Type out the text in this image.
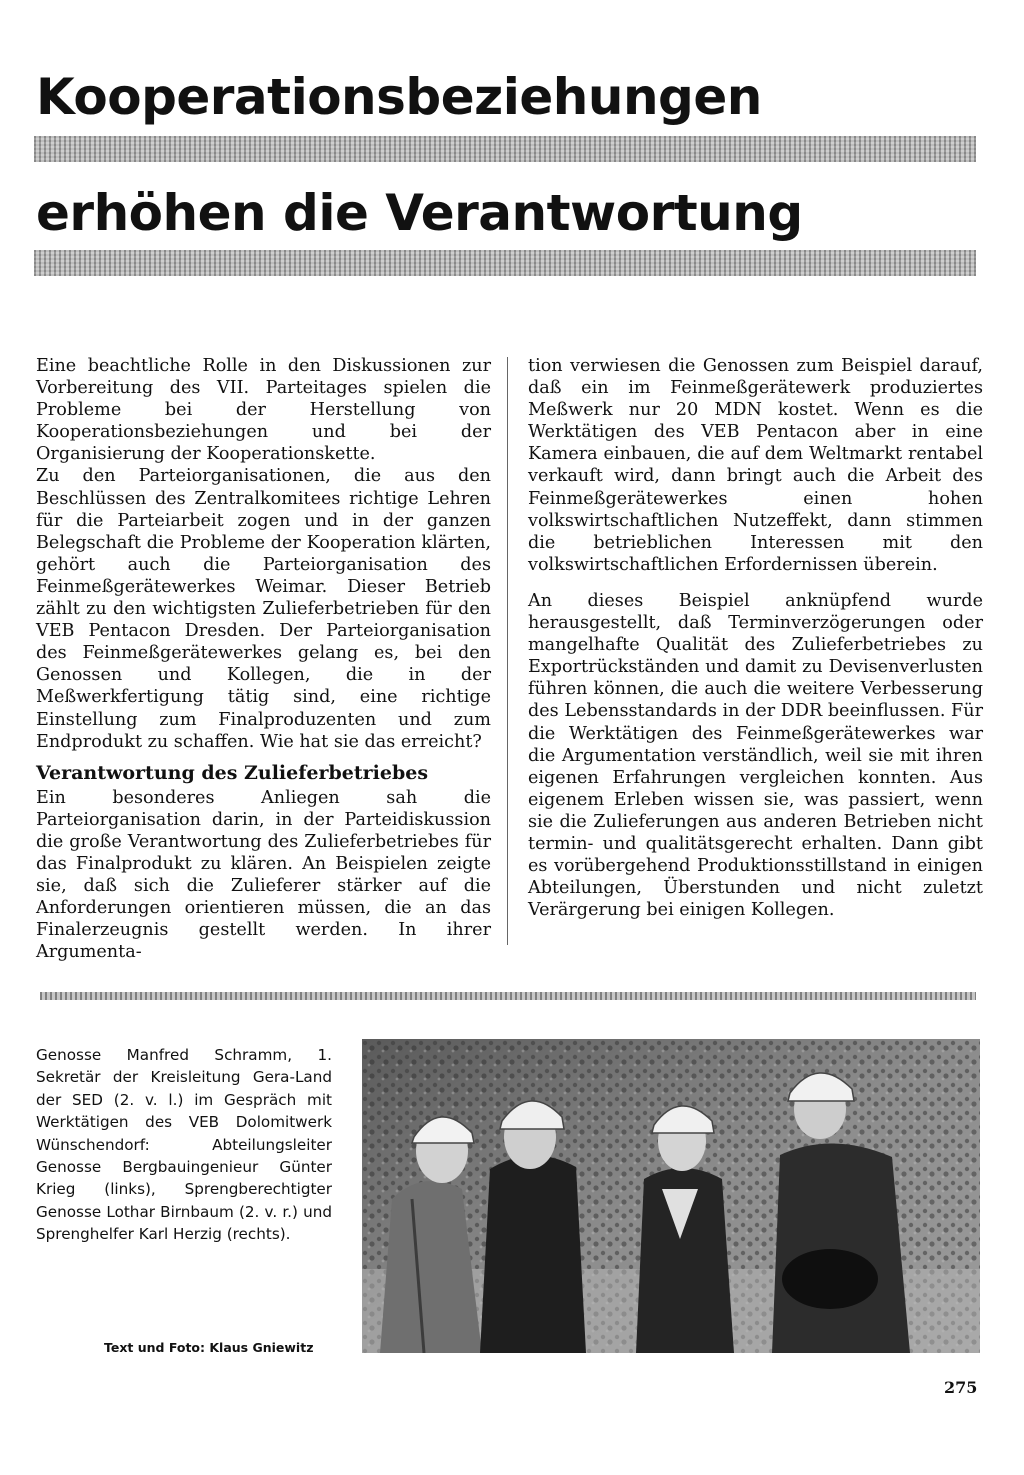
Kooperationsbeziehungen
erhöhen die Verantwortung

Eine beachtliche Rolle in den Diskussionen zur Vorbereitung des VII. Parteitages spielen die Probleme bei der Herstellung von Kooperationsbeziehungen und bei der Organisierung der Kooperationskette.

Zu den Parteiorganisationen, die aus den Beschlüssen des Zentralkomitees richtige Lehren für die Parteiarbeit zogen und in der ganzen Belegschaft die Probleme der Kooperation klärten, gehört auch die Parteiorganisation des Feinmeßgerätewerkes Weimar. Dieser Betrieb zählt zu den wichtigsten Zulieferbetrieben für den VEB Pentacon Dresden. Der Parteiorganisation des Feinmeßgerätewerkes gelang es, bei den Genossen und Kollegen, die in der Meßwerkfertigung tätig sind, eine richtige Einstellung zum Finalproduzenten und zum Endprodukt zu schaffen. Wie hat sie das erreicht?

Verantwortung des Zulieferbetriebes

Ein besonderes Anliegen sah die Parteiorganisation darin, in der Parteidiskussion die große Verantwortung des Zulieferbetriebes für das Finalprodukt zu klären. An Beispielen zeigte sie, daß sich die Zulieferer stärker auf die Anforderungen orientieren müssen, die an das Finalerzeugnis gestellt werden. In ihrer Argumenta-

tion verwiesen die Genossen zum Beispiel darauf, daß ein im Feinmeßgerätewerk produziertes Meßwerk nur 20 MDN kostet. Wenn es die Werktätigen des VEB Pentacon aber in eine Kamera einbauen, die auf dem Weltmarkt rentabel verkauft wird, dann bringt auch die Arbeit des Feinmeßgerätewerkes einen hohen volkswirtschaftlichen Nutzeffekt, dann stimmen die betrieblichen Interessen mit den volkswirtschaftlichen Erfordernissen überein.

An dieses Beispiel anknüpfend wurde herausgestellt, daß Terminverzögerungen oder mangelhafte Qualität des Zulieferbetriebes zu Exportrückständen und damit zu Devisenverlusten führen können, die auch die weitere Verbesserung des Lebensstandards in der DDR beeinflussen. Für die Werktätigen des Feinmeßgerätewerkes war die Argumentation verständlich, weil sie mit ihren eigenen Erfahrungen vergleichen konnten. Aus eigenem Erleben wissen sie, was passiert, wenn sie die Zulieferungen aus anderen Betrieben nicht termin- und qualitätsgerecht erhalten. Dann gibt es vorübergehend Produktionsstillstand in einigen Abteilungen, Überstunden und nicht zuletzt Verärgerung bei einigen Kollegen.

Genosse Manfred Schramm, 1. Sekretär der Kreisleitung Gera-Land der SED (2. v. l.) im Gespräch mit Werktätigen des VEB Dolomitwerk Wünschendorf: Abteilungsleiter Genosse Bergbauingenieur Günter Krieg (links), Sprengberechtigter Genosse Lothar Birnbaum (2. v. r.) und Sprenghelfer Karl Herzig (rechts).

Text und Foto: Klaus Gniewitz

275
